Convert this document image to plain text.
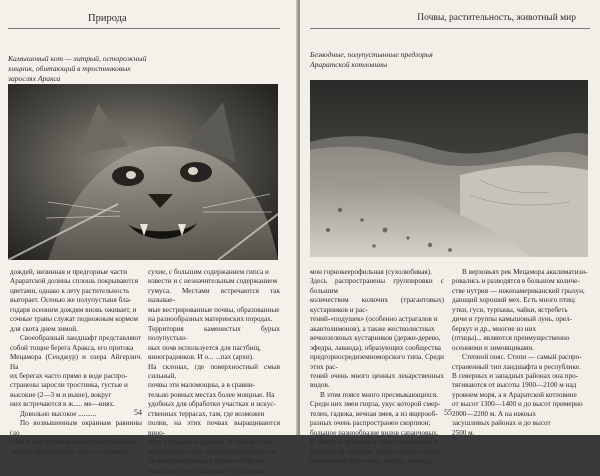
Природа
Камышовый кот — хитрый, осторожный хищник, обитающий в тростниковых зарослях Аракса

дождей, низинная и предгорные части

Араратской долины сплошь покрываются

цветами, однако к лету растительность

выгорает. Осенью же полупустыня бла-

годаря осенним дождям вновь оживает, и

сочные травы служат подножным кормом

для скота днем зимой.

Своеобразный ландшафт представляют

собой тощие берега Аракса, его притока

Мецамора (Сенджур) и озера Айгерлич. На

их берегах часто прямо в воде распро-

странены заросли тростника, густые и

высокие (2—3 м и выше), вокруг

них встречаются в ж..... ме—виях.

Довольно высокое ..........

По возвышенным окраинам равнины (до

1400 м над уровнем моря) развиты более

темные бурые почвы. Они в основном

сухие, с большим содержанием гипса и

извести и с незначительным содержанием

гумуса. Местами встречаются так называе-

мые вестрированные почвы, образованные

на разнообразных материнских породах.

Территория каменистых бурых полупустын-

ных почв используется для пастбищ,

виноградников. И о... ...пах (архи).

На склонах, где поверхностный смыв сильный,

почвы эти маломощны, а в сравни-

тельно ровных местах более мощные. На

удобных для обработки участках и искус-

ственных террасах, там, где возможен

полив, на этих почвах выращиваются вино-

град и плодовые деревья. В этой же зоне,

в восточной части Араратской равнины и

на юге республики, в Ерасхе и Мегри,

развиты полупустынные и пустынные

54
Почвы, растительность, животный мир
Безводные, полупустынные предгорья Араратской котловины

мон горнокеерофильная (сухолюбивая).

Здесь распространены группировки с большим

количеством колючих (трагантовых) кустарников и рас-

тений-«подушек» (особенно астрагалов и

акантолимонов), а также жестколистных

вечнозеленых кустарников (держи-дерево,

эфедра, лаванда), образующих сообщества

предгорносредиземноморского типа. Среди этих рас-

тений очень много ценных лекарственных видов.

В этом поясе много пресмыкающихся.

Среди них змеи гюрза, укус которой смер-

телен, гадюка, вечная змея, а из ящерооб-

разных очень распространен скорпион;

большое разнообразие видов саранчовых.

В Мегри встречаются также наломинки и

тераппы. В зарослях Аракса бродят кабан,

камышовый кот, шакал, иногда леопард.

В верховьях рек Мецамора акклиматизи-

ровались и разводятся в большом количе-

стве нутрия — южноамериканский грызун,

дающий хороший мех. Есть много птиц:

утки, гуси, турпаны, чайки, ястребеть

дичи и группы камышовый лунь, орел-

беркут и др., многие из них

(птицы)... являются преимущественно

осенними и зимовщиками.

Степной пояс. Степи — самый распро-

страненный тип ландшафта в республике.

В северных и западных районах она про-

тягиваются от высоты 1900—2100 м над

уровнем моря, а в Араратской котловине

от высот 1300—1400 и до высот примерно

2000—2200 м. А на южных

засушливых районах и до высот

2500 м.

55
